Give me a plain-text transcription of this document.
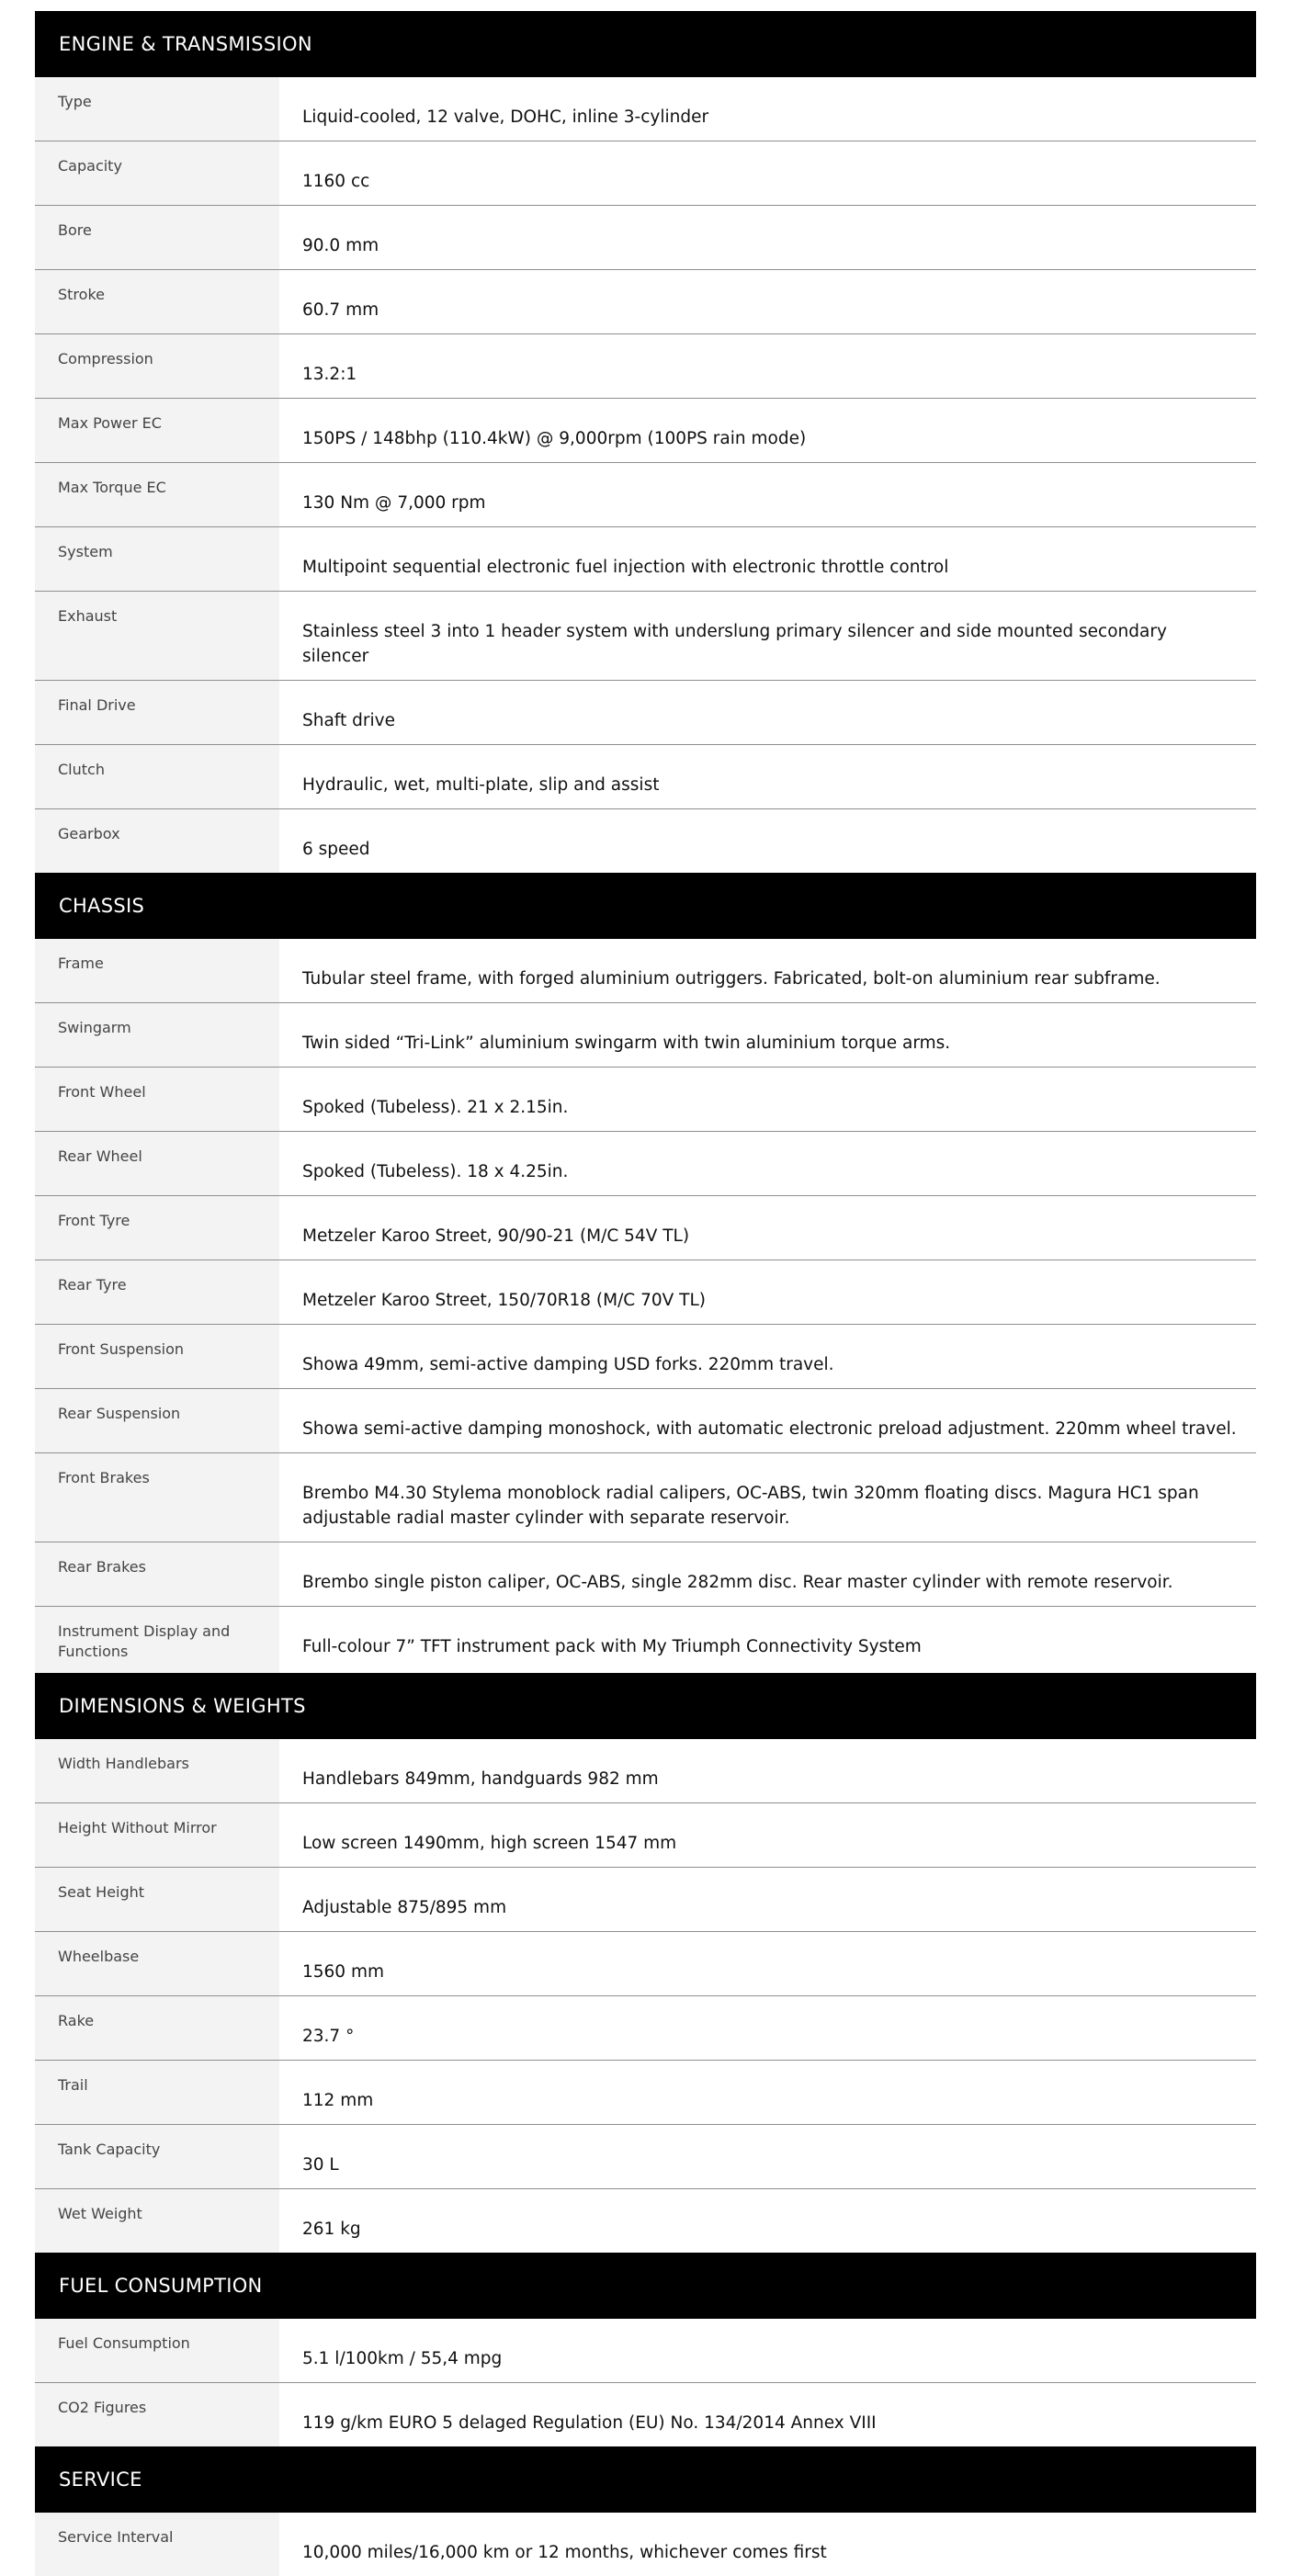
ENGINE & TRANSMISSION
Type
Liquid-cooled, 12 valve, DOHC, inline 3-cylinder
Capacity
1160 cc
Bore
90.0 mm
Stroke
60.7 mm
Compression
13.2:1
Max Power EC
150PS / 148bhp (110.4kW) @ 9,000rpm (100PS rain mode)
Max Torque EC
130 Nm @ 7,000 rpm
System
Multipoint sequential electronic fuel injection with electronic throttle control
Exhaust
Stainless steel 3 into 1 header system with underslung primary silencer and side mounted secondary silencer
Final Drive
Shaft drive
Clutch
Hydraulic, wet, multi-plate, slip and assist
Gearbox
6 speed
CHASSIS
Frame
Tubular steel frame, with forged aluminium outriggers. Fabricated, bolt-on aluminium rear subframe.
Swingarm
Twin sided “Tri-Link” aluminium swingarm with twin aluminium torque arms.
Front Wheel
Spoked (Tubeless). 21 x 2.15in.
Rear Wheel
Spoked (Tubeless). 18 x 4.25in.
Front Tyre
Metzeler Karoo Street, 90/90-21 (M/C 54V TL)
Rear Tyre
Metzeler Karoo Street, 150/70R18 (M/C 70V TL)
Front Suspension
Showa 49mm, semi-active damping USD forks. 220mm travel.
Rear Suspension
Showa semi-active damping monoshock, with automatic electronic preload adjustment. 220mm wheel travel.
Front Brakes
Brembo M4.30 Stylema monoblock radial calipers, OC-ABS, twin 320mm floating discs. Magura HC1 span adjustable radial master cylinder with separate reservoir.
Rear Brakes
Brembo single piston caliper, OC-ABS, single 282mm disc. Rear master cylinder with remote reservoir.
Instrument Display and Functions	Full-colour 7” TFT instrument pack with My Triumph Connectivity System
DIMENSIONS & WEIGHTS
Width Handlebars
Handlebars 849mm, handguards 982 mm
Height Without Mirror
Low screen 1490mm, high screen 1547 mm
Seat Height
Adjustable 875/895 mm
Wheelbase
1560 mm
Rake
23.7 °
Trail
112 mm
Tank Capacity
30 L
Wet Weight
261 kg
FUEL CONSUMPTION
Fuel Consumption
5.1 l/100km / 55,4 mpg
CO2 Figures
119 g/km EURO 5 delaged Regulation (EU) No. 134/2014 Annex VIII
SERVICE
Service Interval
10,000 miles/16,000 km or 12 months, whichever comes first
